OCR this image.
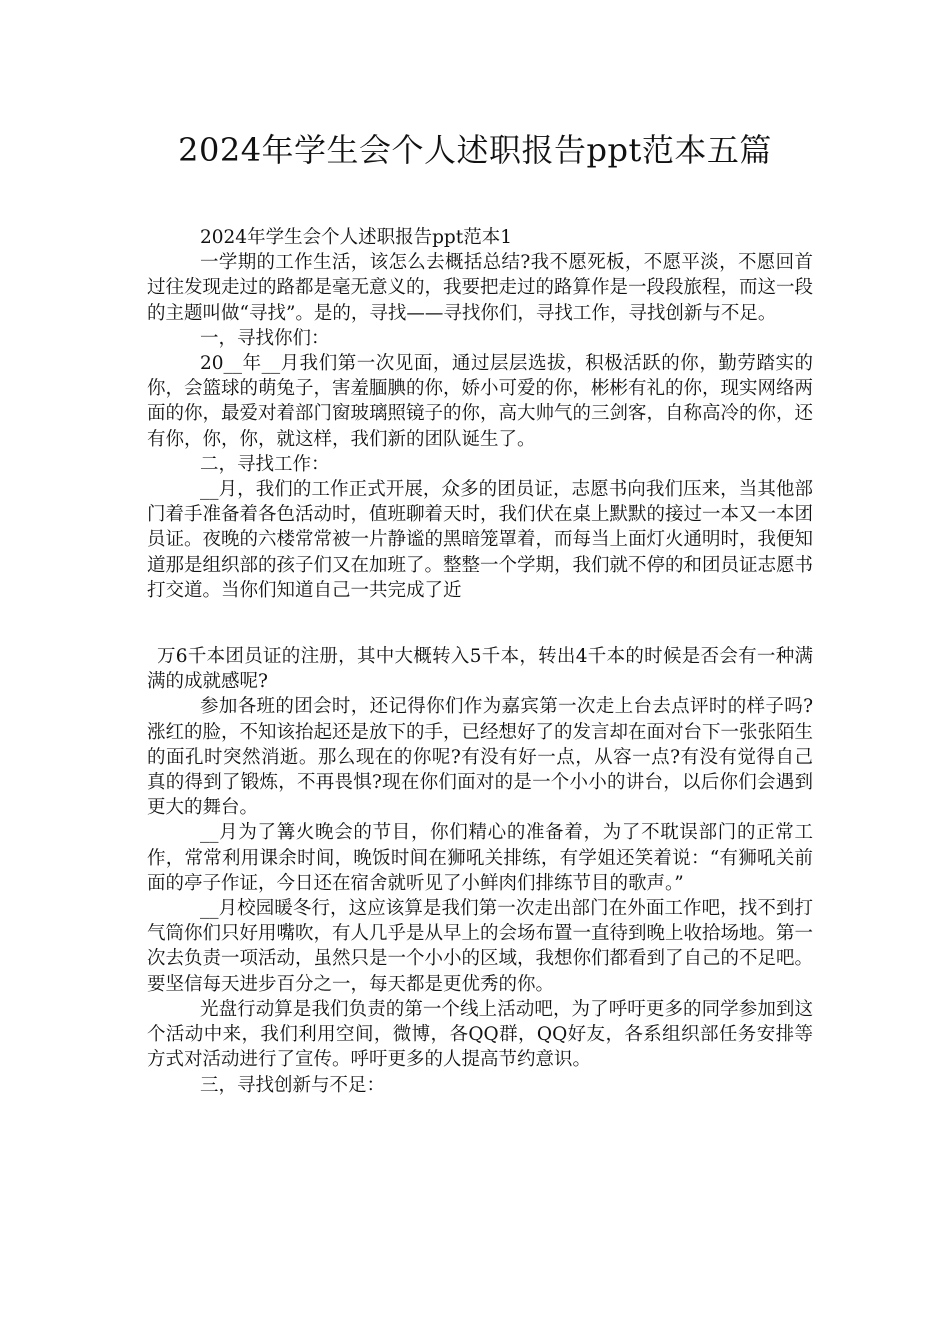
2024年学生会个人述职报告ppt范本五篇

2024年学生会个人述职报告ppt范本1

一学期的工作生活，该怎么去概括总结?我不愿死板，不愿平淡，不愿回首过往发现走过的路都是毫无意义的，我要把走过的路算作是一段段旅程，而这一段的主题叫做“寻找”。是的，寻找——寻找你们，寻找工作，寻找创新与不足。

一，寻找你们：

20__年__月我们第一次见面，通过层层选拔，积极活跃的你，勤劳踏实的你，会篮球的萌兔子，害羞腼腆的你，娇小可爱的你，彬彬有礼的你，现实网络两面的你，最爱对着部门窗玻璃照镜子的你，高大帅气的三剑客，自称高冷的你，还有你，你，你，就这样，我们新的团队诞生了。

二，寻找工作：

__月，我们的工作正式开展，众多的团员证，志愿书向我们压来，当其他部门着手准备着各色活动时，值班聊着天时，我们伏在桌上默默的接过一本又一本团员证。夜晚的六楼常常被一片静谧的黑暗笼罩着，而每当上面灯火通明时，我便知道那是组织部的孩子们又在加班了。整整一个学期，我们就不停的和团员证志愿书打交道。当你们知道自己一共完成了近

万6千本团员证的注册，其中大概转入5千本，转出4千本的时候是否会有一种满满的成就感呢?

参加各班的团会时，还记得你们作为嘉宾第一次走上台去点评时的样子吗?涨红的脸，不知该抬起还是放下的手，已经想好了的发言却在面对台下一张张陌生的面孔时突然消逝。那么现在的你呢?有没有好一点，从容一点?有没有觉得自己真的得到了锻炼，不再畏惧?现在你们面对的是一个小小的讲台，以后你们会遇到更大的舞台。

__月为了篝火晚会的节目，你们精心的准备着，为了不耽误部门的正常工作，常常利用课余时间，晚饭时间在狮吼关排练，有学姐还笑着说：“有狮吼关前面的亭子作证，今日还在宿舍就听见了小鲜肉们排练节目的歌声。”

__月校园暖冬行，这应该算是我们第一次走出部门在外面工作吧，找不到打气筒你们只好用嘴吹，有人几乎是从早上的会场布置一直待到晚上收拾场地。第一次去负责一项活动，虽然只是一个小小的区域，我想你们都看到了自己的不足吧。要坚信每天进步百分之一，每天都是更优秀的你。

光盘行动算是我们负责的第一个线上活动吧，为了呼吁更多的同学参加到这个活动中来，我们利用空间，微博，各QQ群，QQ好友，各系组织部任务安排等方式对活动进行了宣传。呼吁更多的人提高节约意识。

三，寻找创新与不足：
